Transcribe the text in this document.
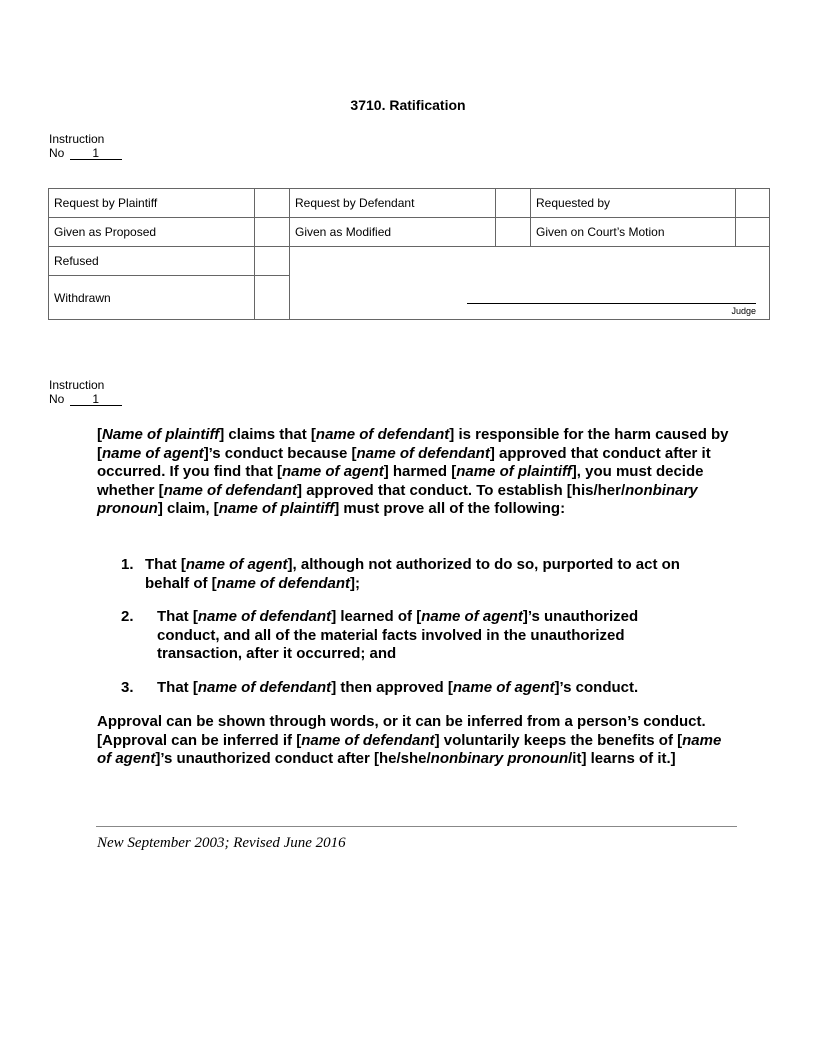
3710. Ratification
Instruction
No 1
Request by Plaintiff		Request by Defendant		Requested by	
Given as Proposed		Given as Modified		Given on Court’s Motion	
Refused		Judge			

Withdrawn					
Instruction
No 1

[Name of plaintiff] claims that [name of defendant] is responsible for the harm caused by [name of agent]’s conduct because [name of defendant] approved that conduct after it occurred. If you find that [name of agent] harmed [name of plaintiff], you must decide whether [name of defendant] approved that conduct. To establish [his/her/nonbinary pronoun] claim, [name of plaintiff] must prove all of the following:

1. That [name of agent], although not authorized to do so, purported to act on behalf of [name of defendant];
2. That [name of defendant] learned of [name of agent]’s unauthorized conduct, and all of the material facts involved in the unauthorized transaction, after it occurred; and
3. That [name of defendant] then approved [name of agent]’s conduct.

Approval can be shown through words, or it can be inferred from a person’s conduct. [Approval can be inferred if [name of defendant] voluntarily keeps the benefits of [name of agent]’s unauthorized conduct after [he/she/nonbinary pronoun/it] learns of it.]

New September 2003; Revised June 2016
